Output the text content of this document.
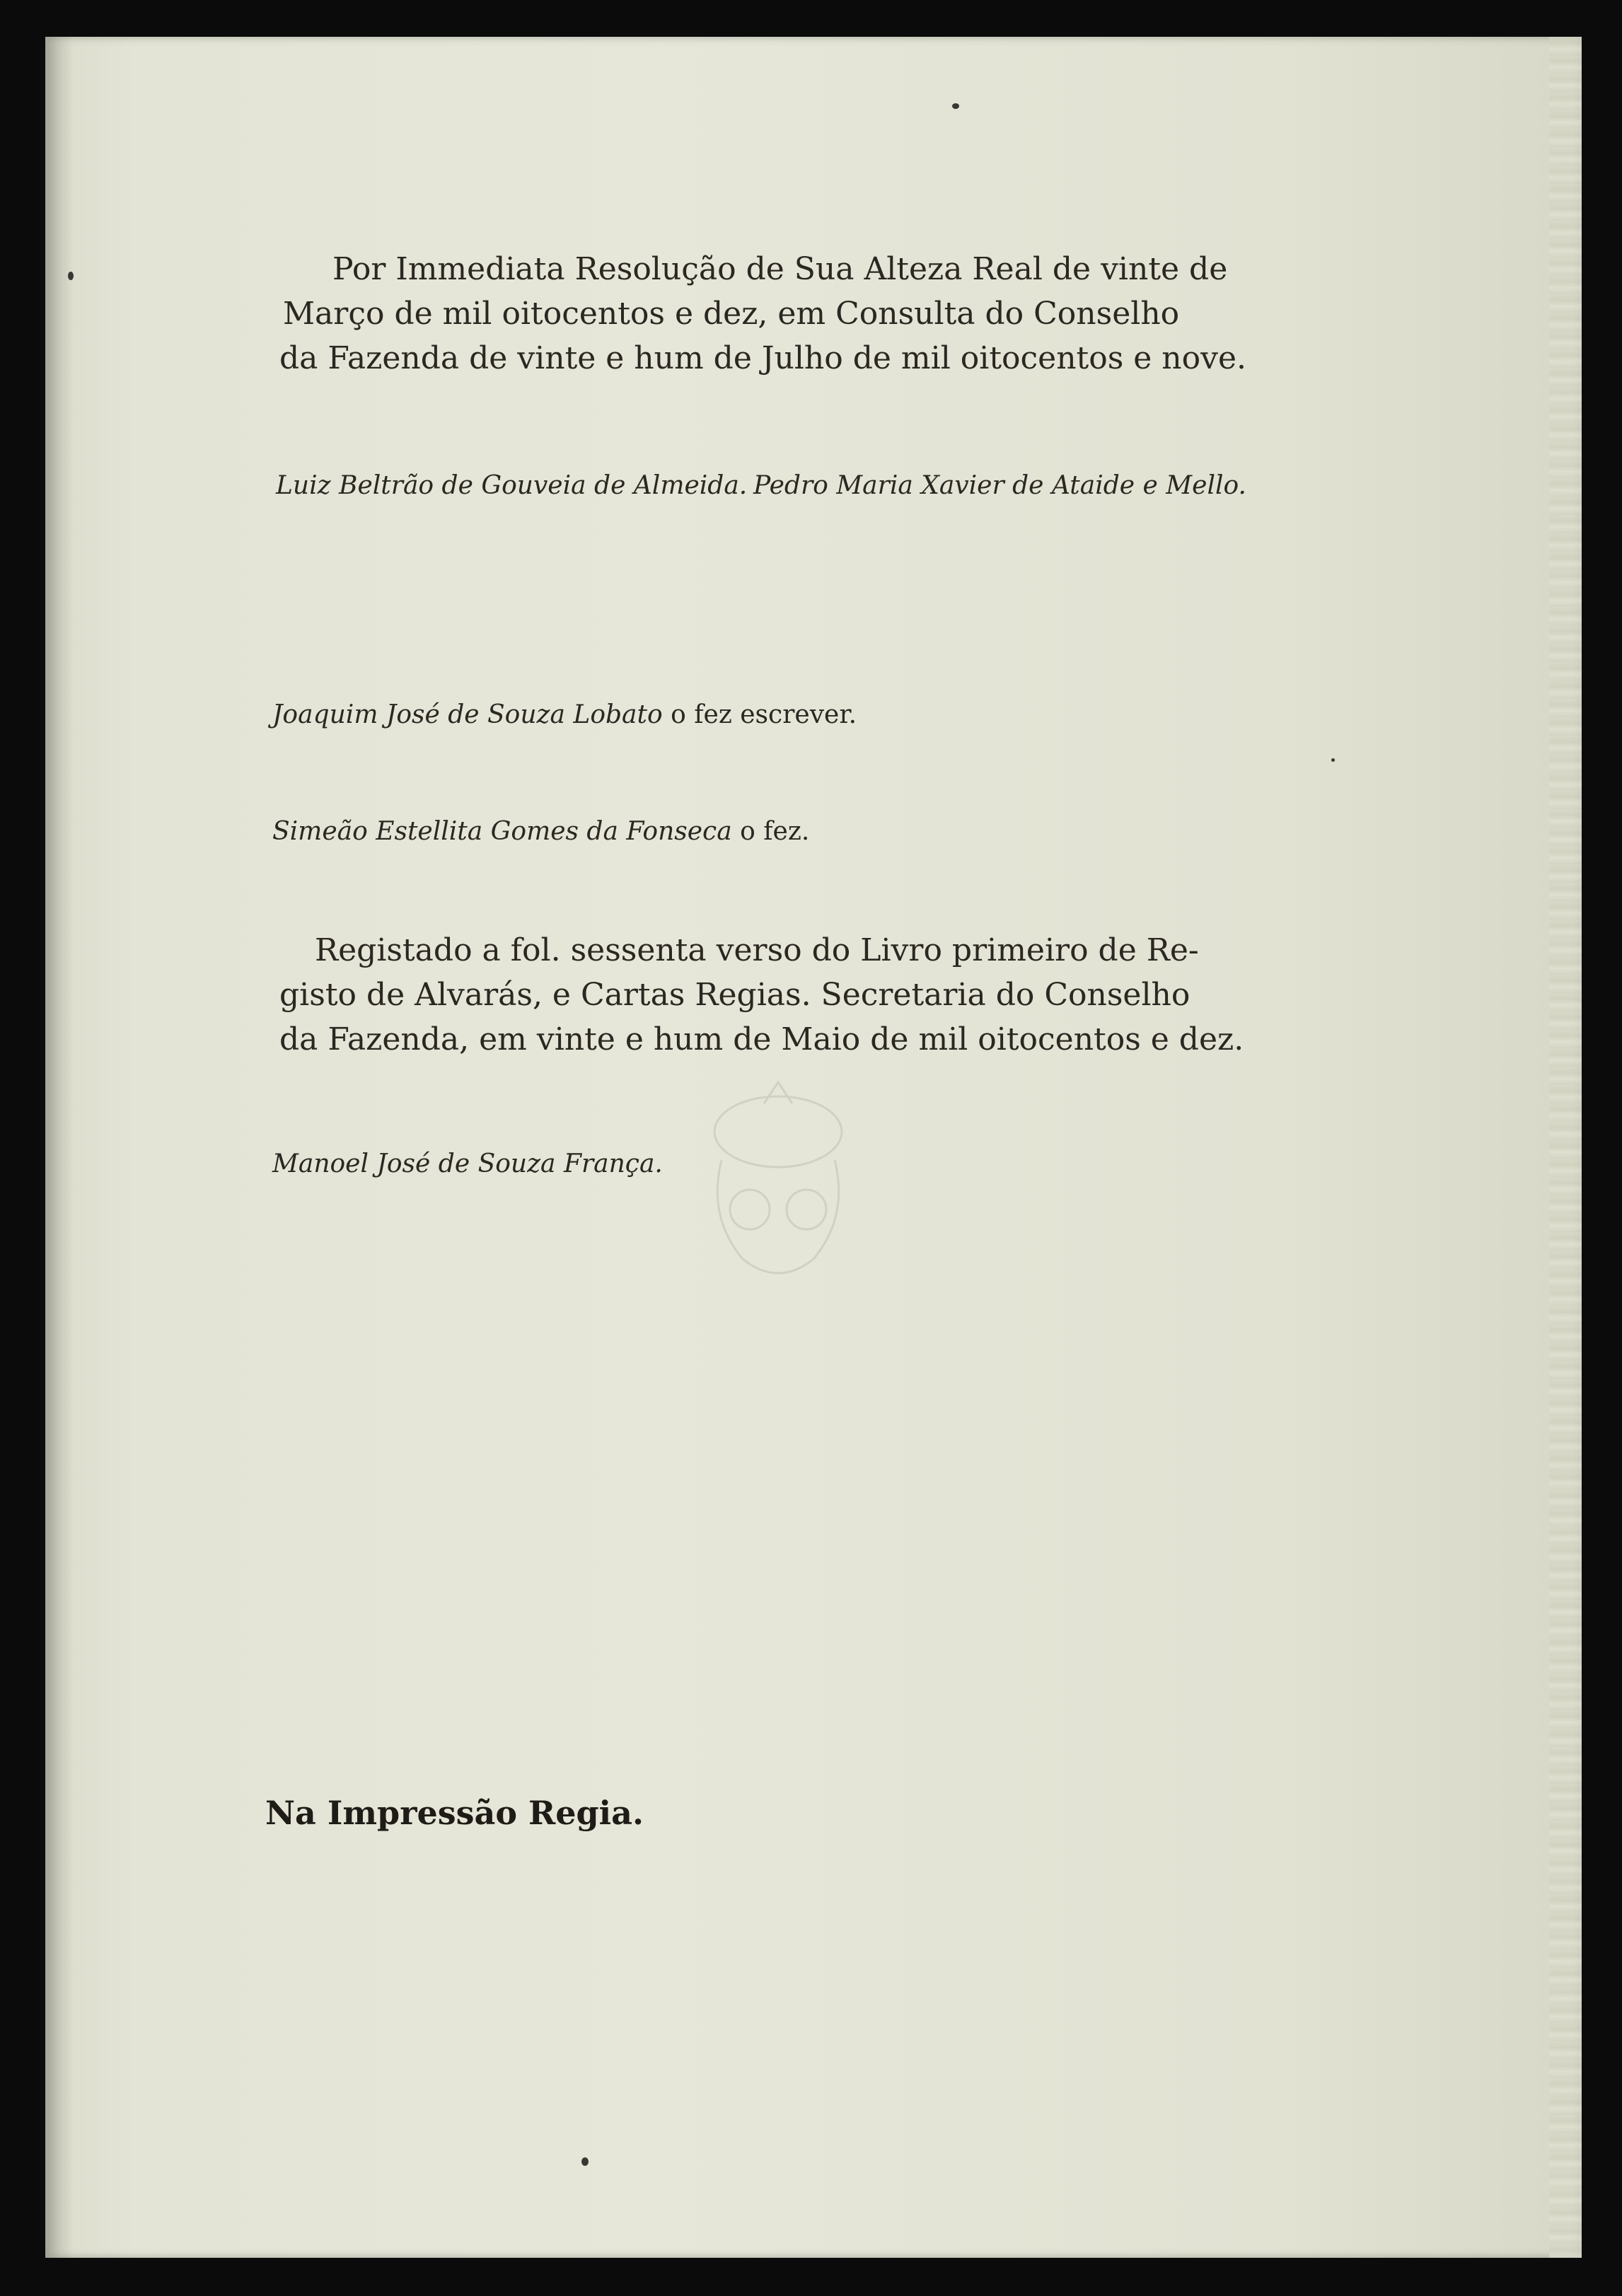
Por Immediata Resolução de Sua Alteza Real de vinte de

Março de mil oitocentos e dez, em Consulta do Conselho

da Fazenda de vinte e hum de Julho de mil oitocentos e nove.

Luiz Beltrão de Gouveia de Almeida. Pedro Maria Xavier de Ataide e Mello.

Joaquim José de Souza Lobato o fez escrever.

Simeão Estellita Gomes da Fonseca o fez.

Registado a fol. sessenta verso do Livro primeiro de Re-

gisto de Alvarás, e Cartas Regias. Secretaria do Conselho

da Fazenda, em vinte e hum de Maio de mil oitocentos e dez.

Manoel José de Souza França.

Na Impressão Regia.
